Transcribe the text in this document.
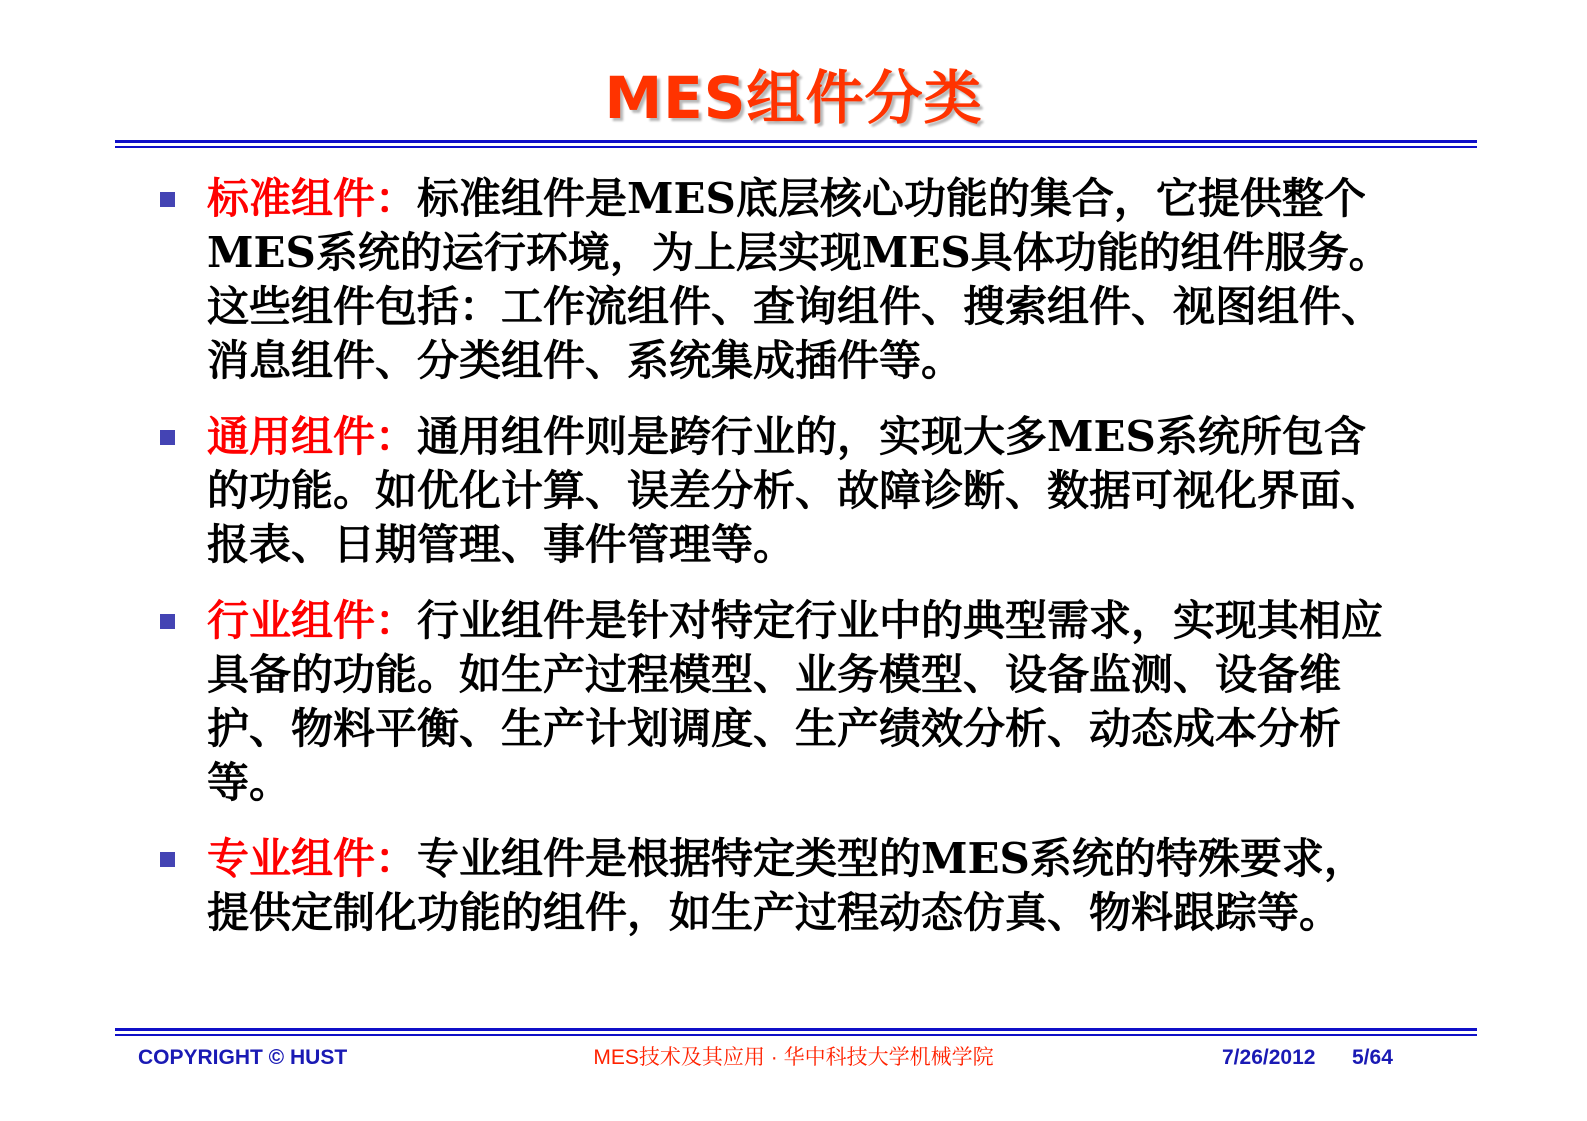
MES组件分类
标准组件：标准组件是MES底层核心功能的集合，它提供整个MES系统的运行环境，为上层实现MES具体功能的组件服务。这些组件包括：工作流组件、查询组件、搜索组件、视图组件、消息组件、分类组件、系统集成插件等。
通用组件：通用组件则是跨行业的，实现大多MES系统所包含的功能。如优化计算、误差分析、故障诊断、数据可视化界面、报表、日期管理、事件管理等。
行业组件：行业组件是针对特定行业中的典型需求，实现其相应具备的功能。如生产过程模型、业务模型、设备监测、设备维护、物料平衡、生产计划调度、生产绩效分析、动态成本分析等。
专业组件：专业组件是根据特定类型的MES系统的特殊要求，提供定制化功能的组件，如生产过程动态仿真、物料跟踪等。
COPYRIGHT © HUST	MES技术及其应用 · 华中科技大学机械学院	7/26/2012 5/64
